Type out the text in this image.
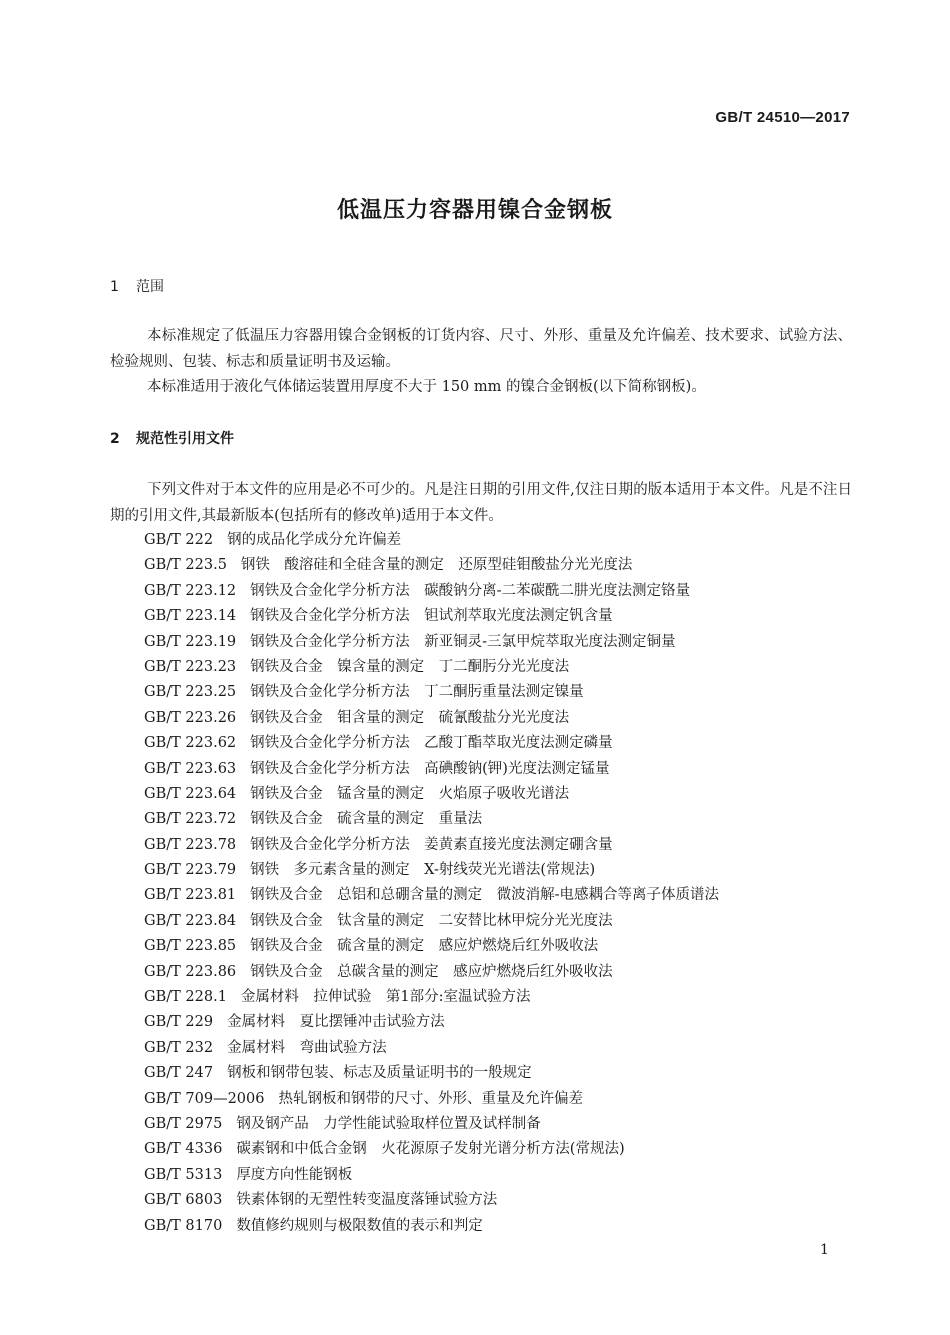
GB/T 24510—2017
低温压力容器用镍合金钢板
1 范围
本标准规定了低温压力容器用镍合金钢板的订货内容、尺寸、外形、重量及允许偏差、技术要求、试验方法、检验规则、包装、标志和质量证明书及运输。
本标准适用于液化气体储运装置用厚度不大于 150 mm 的镍合金钢板(以下简称钢板)。
2 规范性引用文件
下列文件对于本文件的应用是必不可少的。凡是注日期的引用文件,仅注日期的版本适用于本文件。凡是不注日期的引用文件,其最新版本(包括所有的修改单)适用于本文件。
GB/T 222 钢的成品化学成分允许偏差
GB/T 223.5 钢铁　酸溶硅和全硅含量的测定　还原型硅钼酸盐分光光度法
GB/T 223.12 钢铁及合金化学分析方法　碳酸钠分离-二苯碳酰二肼光度法测定铬量
GB/T 223.14 钢铁及合金化学分析方法　钽试剂萃取光度法测定钒含量
GB/T 223.19 钢铁及合金化学分析方法　新亚铜灵-三氯甲烷萃取光度法测定铜量
GB/T 223.23 钢铁及合金　镍含量的测定　丁二酮肟分光光度法
GB/T 223.25 钢铁及合金化学分析方法　丁二酮肟重量法测定镍量
GB/T 223.26 钢铁及合金　钼含量的测定　硫氰酸盐分光光度法
GB/T 223.62 钢铁及合金化学分析方法　乙酸丁酯萃取光度法测定磷量
GB/T 223.63 钢铁及合金化学分析方法　高碘酸钠(钾)光度法测定锰量
GB/T 223.64 钢铁及合金　锰含量的测定　火焰原子吸收光谱法
GB/T 223.72 钢铁及合金　硫含量的测定　重量法
GB/T 223.78 钢铁及合金化学分析方法　姜黄素直接光度法测定硼含量
GB/T 223.79 钢铁　多元素含量的测定　X-射线荧光光谱法(常规法)
GB/T 223.81 钢铁及合金　总铝和总硼含量的测定　微波消解-电感耦合等离子体质谱法
GB/T 223.84 钢铁及合金　钛含量的测定　二安替比林甲烷分光光度法
GB/T 223.85 钢铁及合金　硫含量的测定　感应炉燃烧后红外吸收法
GB/T 223.86 钢铁及合金　总碳含量的测定　感应炉燃烧后红外吸收法
GB/T 228.1 金属材料　拉伸试验　第1部分:室温试验方法
GB/T 229 金属材料　夏比摆锤冲击试验方法
GB/T 232 金属材料　弯曲试验方法
GB/T 247 钢板和钢带包装、标志及质量证明书的一般规定
GB/T 709—2006 热轧钢板和钢带的尺寸、外形、重量及允许偏差
GB/T 2975 钢及钢产品　力学性能试验取样位置及试样制备
GB/T 4336 碳素钢和中低合金钢　火花源原子发射光谱分析方法(常规法)
GB/T 5313 厚度方向性能钢板
GB/T 6803 铁素体钢的无塑性转变温度落锤试验方法
GB/T 8170 数值修约规则与极限数值的表示和判定
1
